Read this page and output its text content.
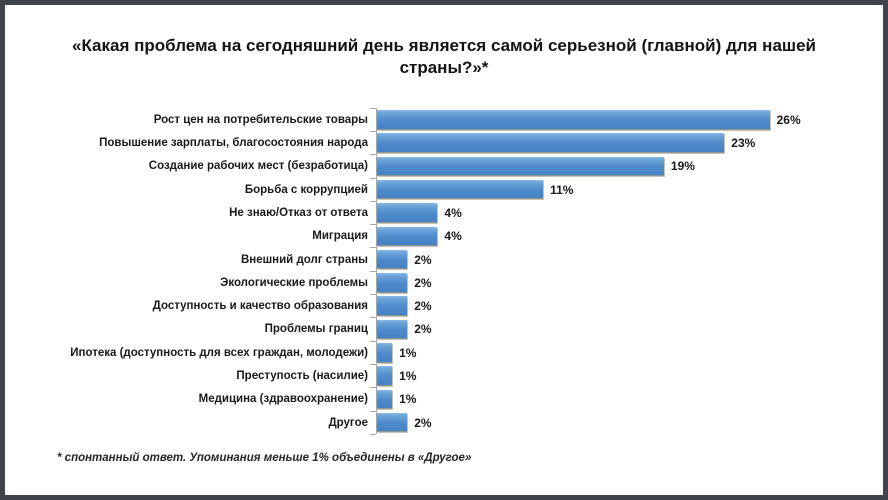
«Какая проблема на сегодняшний день является самой серьезной (главной) для нашей
страны?»*
Рост цен на потребительские товары	26%
Повышение зарплаты, благосостояния народа	23%
Создание рабочих мест (безработица)	19%
Борьба с коррупцией	11%
Не знаю/Отказ от ответа	4%
Миграция	4%
Внешний долг страны	2%
Экологические проблемы	2%
Доступность и качество образования	2%
Проблемы границ	2%
Ипотека (доступность для всех граждан, молодежи)	1%
Преступость (насилие)	1%
Медицина (здравоохранение)	1%
Другое	2%
* спонтанный ответ. Упоминания меньше 1% объединены в «Другое»
